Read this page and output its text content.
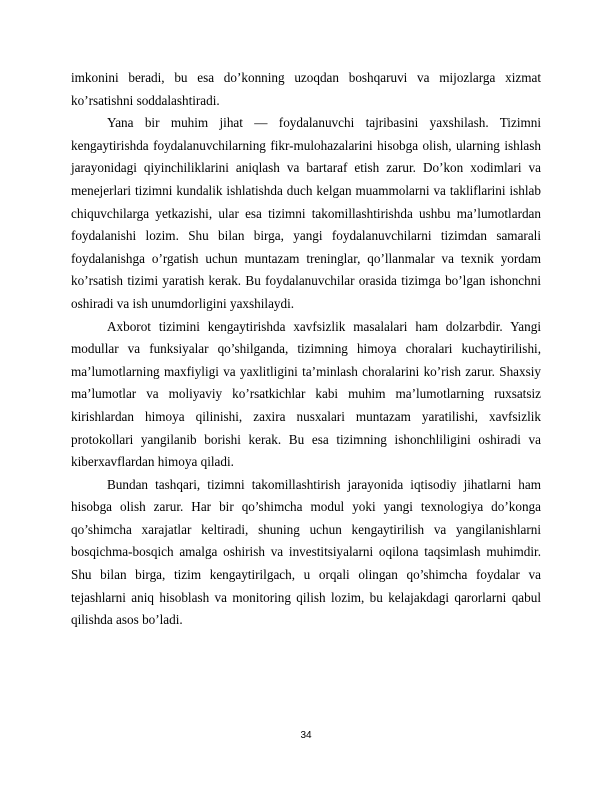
imkonini beradi, bu esa do’konning uzoqdan boshqaruvi va mijozlarga xizmat ko’rsatishni soddalashtiradi.

Yana bir muhim jihat — foydalanuvchi tajribasini yaxshilash. Tizimni kengaytirishda foydalanuvchilarning fikr-mulohazalarini hisobga olish, ularning ishlash jarayonidagi qiyinchiliklarini aniqlash va bartaraf etish zarur. Do’kon xodimlari va menejerlari tizimni kundalik ishlatishda duch kelgan muammolarni va takliflarini ishlab chiquvchilarga yetkazishi, ular esa tizimni takomillashtirishda ushbu ma’lumotlardan foydalanishi lozim. Shu bilan birga, yangi foydalanuvchilarni tizimdan samarali foydalanishga o’rgatish uchun muntazam treninglar, qo’llanmalar va texnik yordam ko’rsatish tizimi yaratish kerak. Bu foydalanuvchilar orasida tizimga bo’lgan ishonchni oshiradi va ish unumdorligini yaxshilaydi.

Axborot tizimini kengaytirishda xavfsizlik masalalari ham dolzarbdir. Yangi modullar va funksiyalar qo’shilganda, tizimning himoya choralari kuchaytirilishi, ma’lumotlarning maxfiyligi va yaxlitligini ta’minlash choralarini ko’rish zarur. Shaxsiy ma’lumotlar va moliyaviy ko’rsatkichlar kabi muhim ma’lumotlarning ruxsatsiz kirishlardan himoya qilinishi, zaxira nusxalari muntazam yaratilishi, xavfsizlik protokollari yangilanib borishi kerak. Bu esa tizimning ishonchliligini oshiradi va kiberxavflardan himoya qiladi.

Bundan tashqari, tizimni takomillashtirish jarayonida iqtisodiy jihatlarni ham hisobga olish zarur. Har bir qo’shimcha modul yoki yangi texnologiya do’konga qo’shimcha xarajatlar keltiradi, shuning uchun kengaytirilish va yangilanishlarni bosqichma-bosqich amalga oshirish va investitsiyalarni oqilona taqsimlash muhimdir. Shu bilan birga, tizim kengaytirilgach, u orqali olingan qo’shimcha foydalar va tejashlarni aniq hisoblash va monitoring qilish lozim, bu kelajakdagi qarorlarni qabul qilishda asos bo’ladi.

34
